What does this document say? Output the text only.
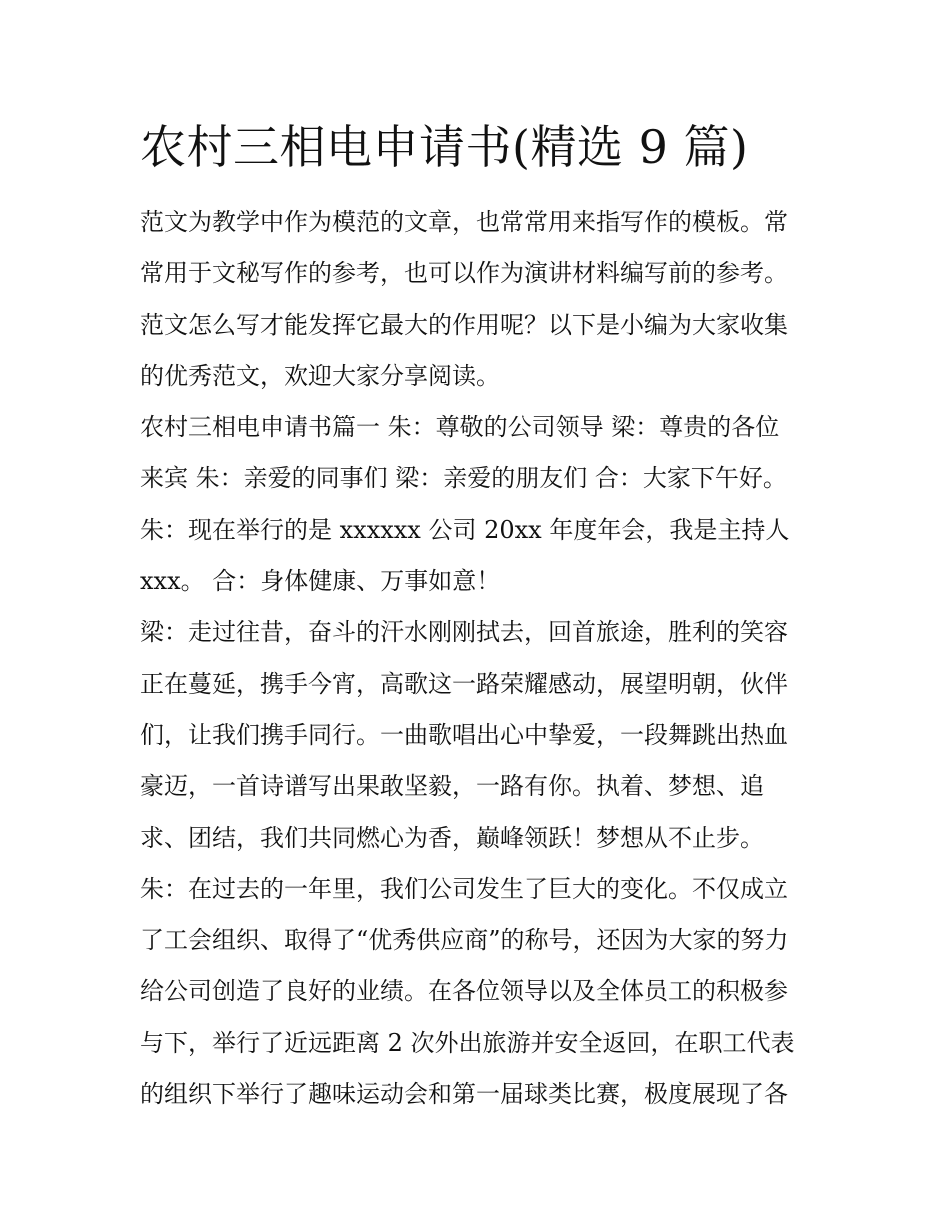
农村三相电申请书(精选 9 篇)
范文为教学中作为模范的文章，也常常用来指写作的模板。常
常用于文秘写作的参考，也可以作为演讲材料编写前的参考。
范文怎么写才能发挥它最大的作用呢？以下是小编为大家收集
的优秀范文，欢迎大家分享阅读。
农村三相电申请书篇一 朱：尊敬的公司领导 梁：尊贵的各位
来宾 朱：亲爱的同事们 梁：亲爱的朋友们 合：大家下午好。
朱：现在举行的是 xxxxxx 公司 20xx 年度年会，我是主持人
xxx。 合：身体健康、万事如意！
梁：走过往昔，奋斗的汗水刚刚拭去，回首旅途，胜利的笑容
正在蔓延，携手今宵，高歌这一路荣耀感动，展望明朝，伙伴
们，让我们携手同行。一曲歌唱出心中挚爱，一段舞跳出热血
豪迈，一首诗谱写出果敢坚毅，一路有你。执着、梦想、追
求、团结，我们共同燃心为香，巅峰领跃！梦想从不止步。
朱：在过去的一年里，我们公司发生了巨大的变化。不仅成立
了工会组织、取得了“优秀供应商”的称号，还因为大家的努力
给公司创造了良好的业绩。在各位领导以及全体员工的积极参
与下，举行了近远距离 2 次外出旅游并安全返回，在职工代表
的组织下举行了趣味运动会和第一届球类比赛，极度展现了各
